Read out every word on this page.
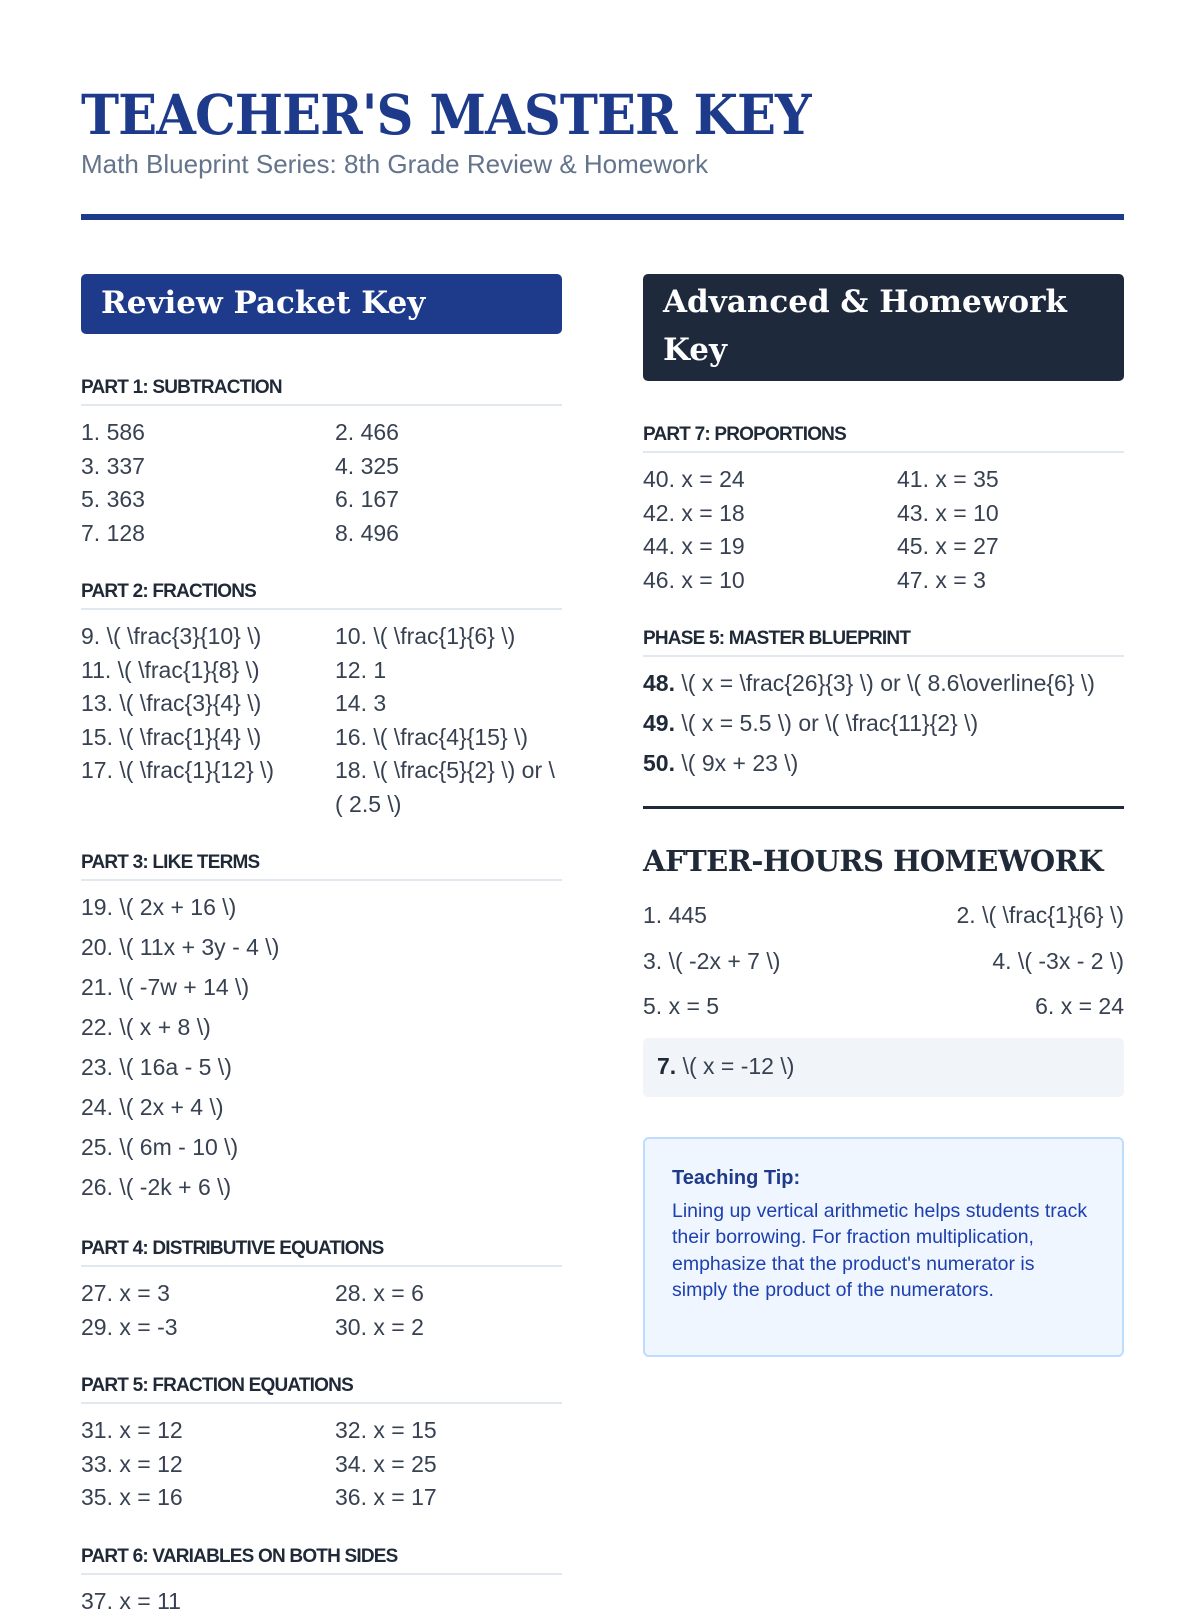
TEACHER'S MASTER KEY
Math Blueprint Series: 8th Grade Review & Homework
Review Packet Key
PART 1: SUBTRACTION
1. 586	2. 466
3. 337	4. 325
5. 363	6. 167
7. 128	8. 496
PART 2: FRACTIONS
9. \( \frac{3}{10} \)	10. \( \frac{1}{6} \)
11. \( \frac{1}{8} \)	12. 1
13. \( \frac{3}{4} \)	14. 3
15. \( \frac{1}{4} \)	16. \( \frac{4}{15} \)
17. \( \frac{1}{12} \)	18. \( \frac{5}{2} \) or \( 2.5 \)
PART 3: LIKE TERMS
19. \( 2x + 16 \)
20. \( 11x + 3y - 4 \)
21. \( -7w + 14 \)
22. \( x + 8 \)
23. \( 16a - 5 \)
24. \( 2x + 4 \)
25. \( 6m - 10 \)
26. \( -2k + 6 \)
PART 4: DISTRIBUTIVE EQUATIONS
27. x = 3	28. x = 6
29. x = -3	30. x = 2
PART 5: FRACTION EQUATIONS
31. x = 12	32. x = 15
33. x = 12	34. x = 25
35. x = 16	36. x = 17
PART 6: VARIABLES ON BOTH SIDES
37. x = 11
Advanced & Homework Key
PART 7: PROPORTIONS
40. x = 24	41. x = 35
42. x = 18	43. x = 10
44. x = 19	45. x = 27
46. x = 10	47. x = 3
PHASE 5: MASTER BLUEPRINT
48. \( x = \frac{26}{3} \) or \( 8.6\overline{6} \)
49. \( x = 5.5 \) or \( \frac{11}{2} \)
50. \( 9x + 23 \)
AFTER-HOURS HOMEWORK
1. 445	2. \( \frac{1}{6} \)
3. \( -2x + 7 \)	4. \( -3x - 2 \)
5. x = 5	6. x = 24
7. \( x = -12 \)
Teaching Tip:
Lining up vertical arithmetic helps students track their borrowing. For fraction multiplication, emphasize that the product's numerator is simply the product of the numerators.
